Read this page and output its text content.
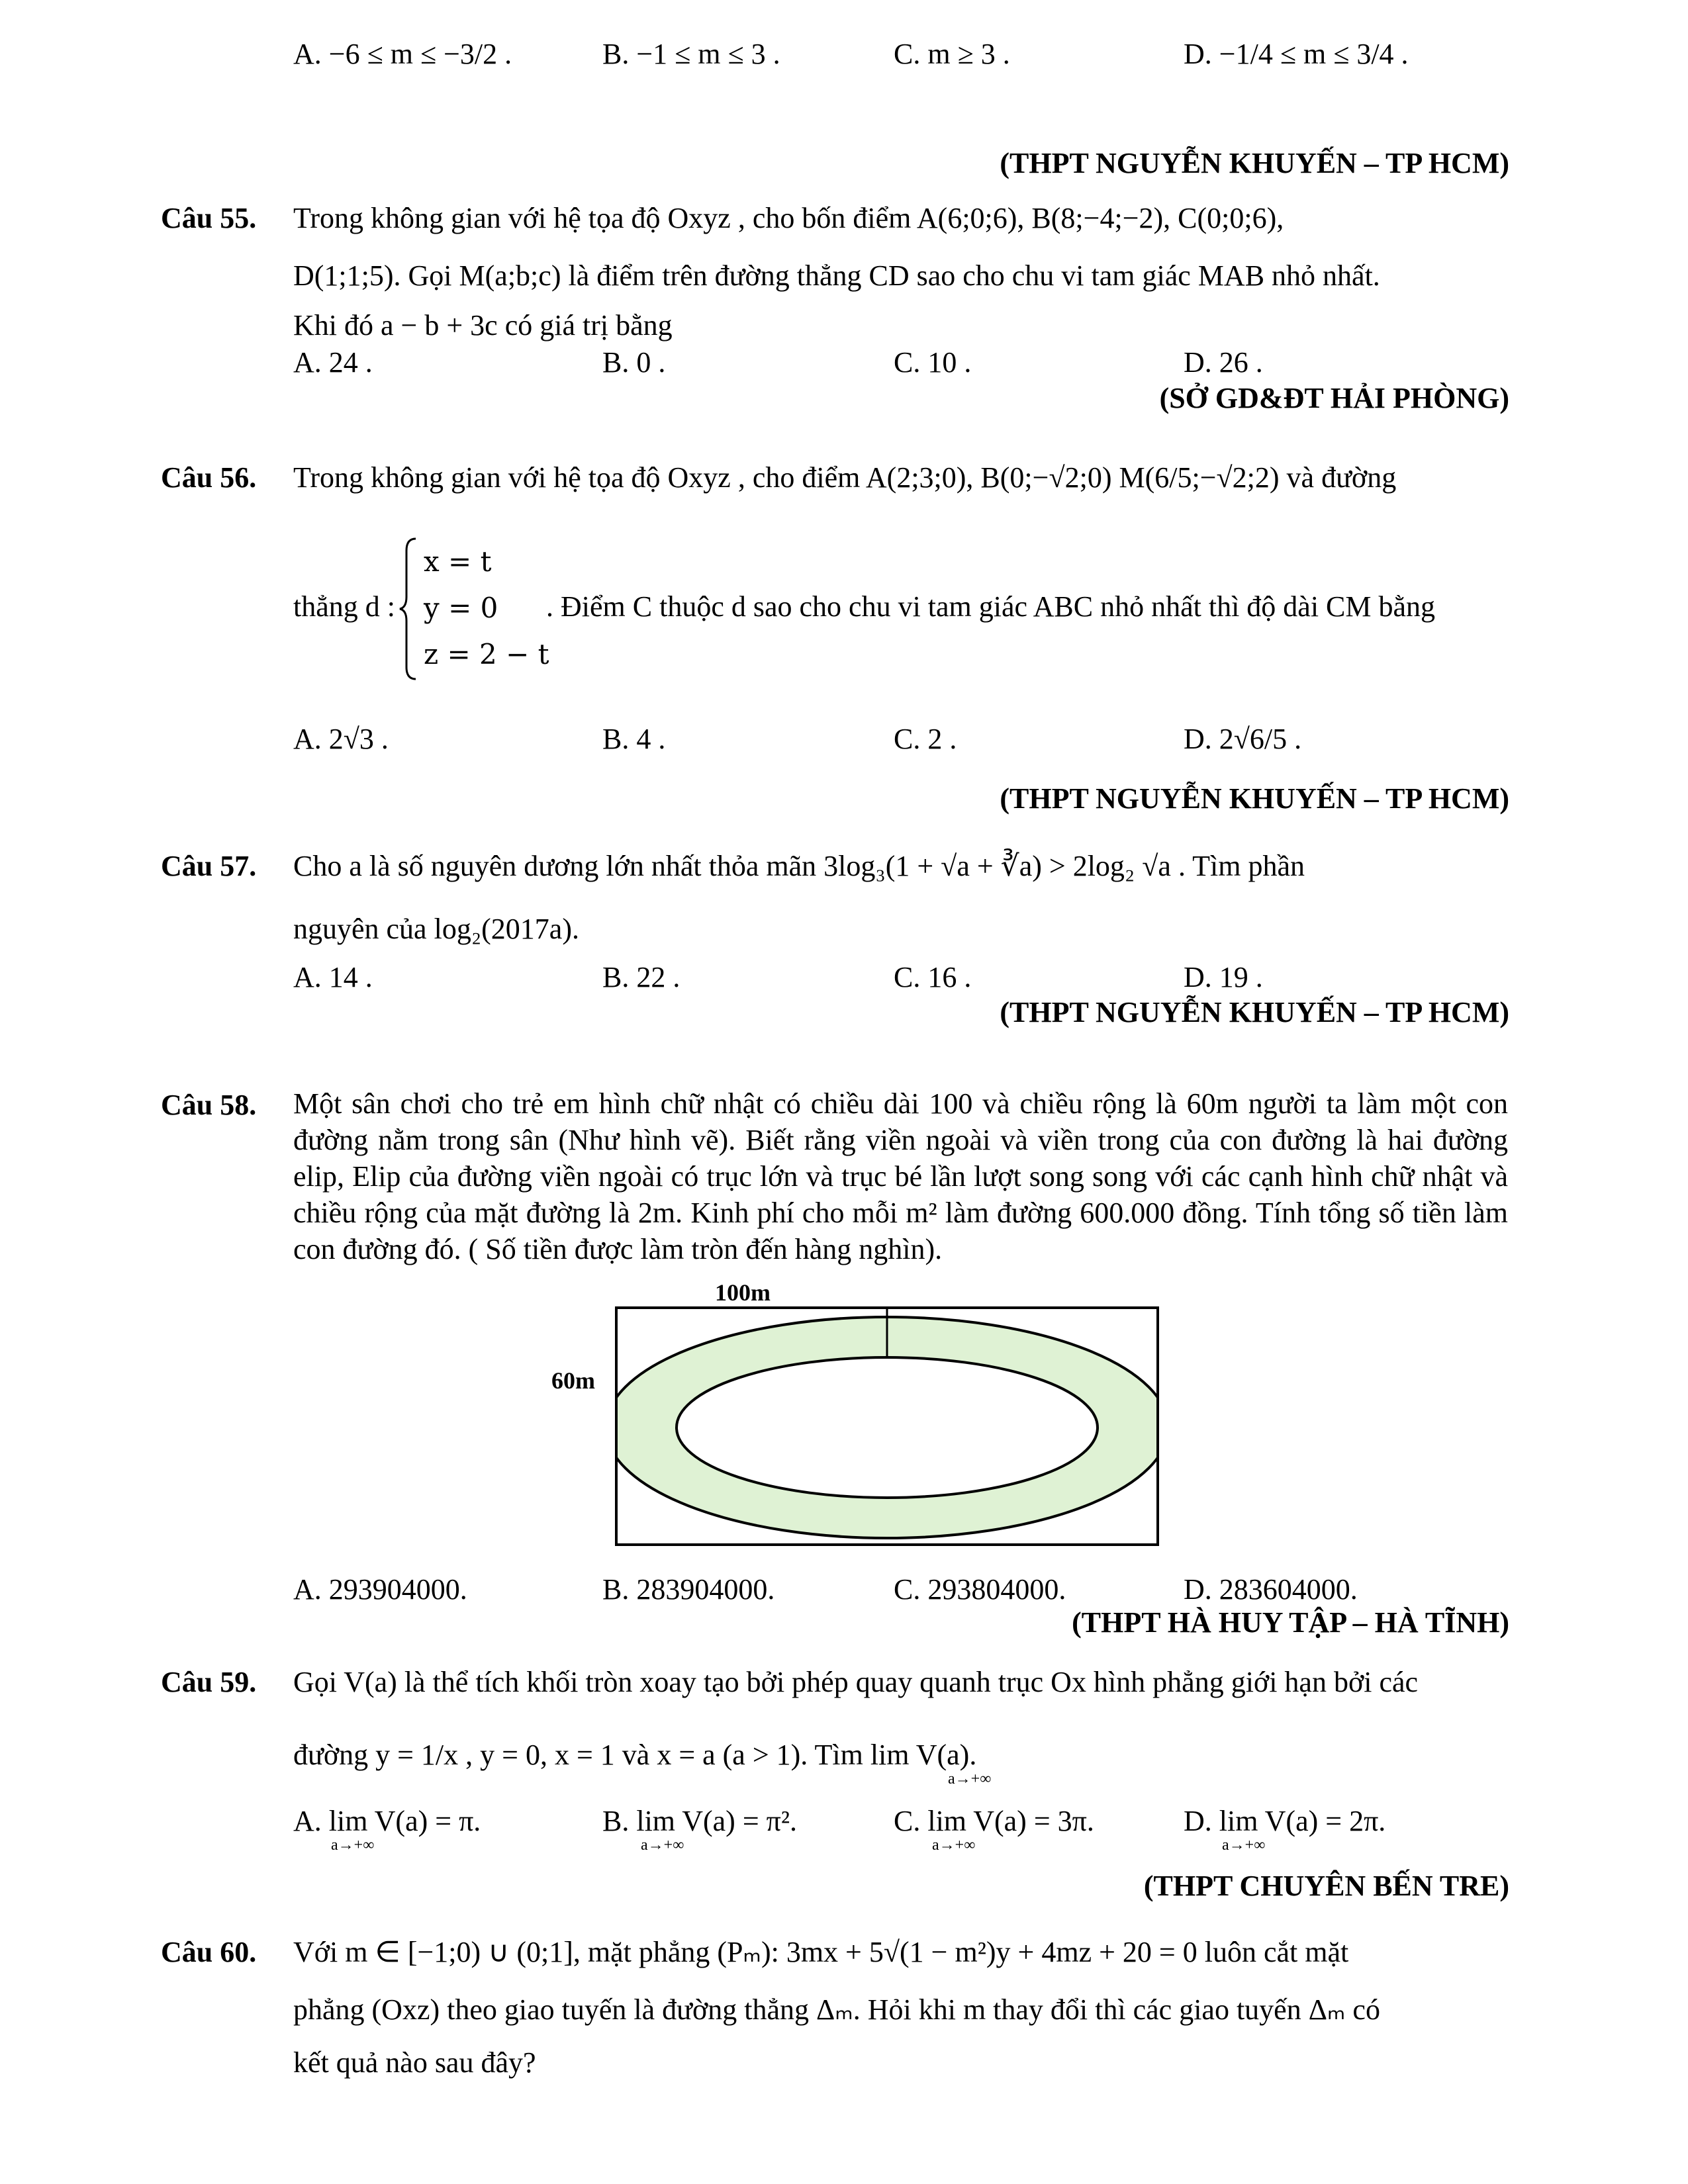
A. −6 ≤ m ≤ −3/2 .	B. −1 ≤ m ≤ 3 .	C. m ≥ 3 .	D. −1/4 ≤ m ≤ 3/4 .
(THPT NGUYỄN KHUYẾN – TP HCM)
Câu 55. Trong không gian với hệ tọa độ Oxyz , cho bốn điểm A(6;0;6), B(8;−4;−2), C(0;0;6),
D(1;1;5). Gọi M(a;b;c) là điểm trên đường thẳng CD sao cho chu vi tam giác MAB nhỏ nhất.
Khi đó a − b + 3c có giá trị bằng
A. 24 .	B. 0 .	C. 10 .	D. 26 .
(SỞ GD&ĐT HẢI PHÒNG)
Câu 56. Trong không gian với hệ tọa độ Oxyz , cho điểm A(2;3;0), B(0;−√2;0) M(6/5;−√2;2) và đường
thẳng d :
x = t
y = 0
z = 2 − t
. Điểm C thuộc d sao cho chu vi tam giác ABC nhỏ nhất thì độ dài CM bằng
A. 2√3 .	B. 4 .	C. 2 .	D. 2√6/5 .
(THPT NGUYỄN KHUYẾN – TP HCM)
Câu 57. Cho a là số nguyên dương lớn nhất thỏa mãn 3log₃(1 + √a + ∛a) > 2log₂ √a . Tìm phần
nguyên của log₂(2017a).
A. 14 .	B. 22 .	C. 16 .	D. 19 .
(THPT NGUYỄN KHUYẾN – TP HCM)
Câu 58. Một sân chơi cho trẻ em hình chữ nhật có chiều dài 100 và chiều rộng là 60m người ta làm một con đường nằm trong sân (Như hình vẽ). Biết rằng viền ngoài và viền trong của con đường là hai đường elip, Elip của đường viền ngoài có trục lớn và trục bé lần lượt song song với các cạnh hình chữ nhật và chiều rộng của mặt đường là 2m. Kinh phí cho mỗi m² làm đường 600.000 đồng. Tính tổng số tiền làm con đường đó. ( Số tiền được làm tròn đến hàng nghìn).
100m
60m
A. 293904000.	B. 283904000.	C. 293804000.	D. 283604000.
(THPT HÀ HUY TẬP – HÀ TĨNH)
Câu 59. Gọi V(a) là thể tích khối tròn xoay tạo bởi phép quay quanh trục Ox hình phẳng giới hạn bởi các
đường y = 1/x , y = 0, x = 1 và x = a (a > 1). Tìm lim V(a).
a→+∞
A. lim V(a) = π.	B. lim V(a) = π².	C. lim V(a) = 3π.	D. lim V(a) = 2π.
a→+∞	a→+∞	a→+∞	a→+∞
(THPT CHUYÊN BẾN TRE)
Câu 60. Với m ∈ [−1;0) ∪ (0;1], mặt phẳng (Pₘ): 3mx + 5√(1 − m²)y + 4mz + 20 = 0 luôn cắt mặt
phẳng (Oxz) theo giao tuyến là đường thẳng Δₘ. Hỏi khi m thay đổi thì các giao tuyến Δₘ có
kết quả nào sau đây?
